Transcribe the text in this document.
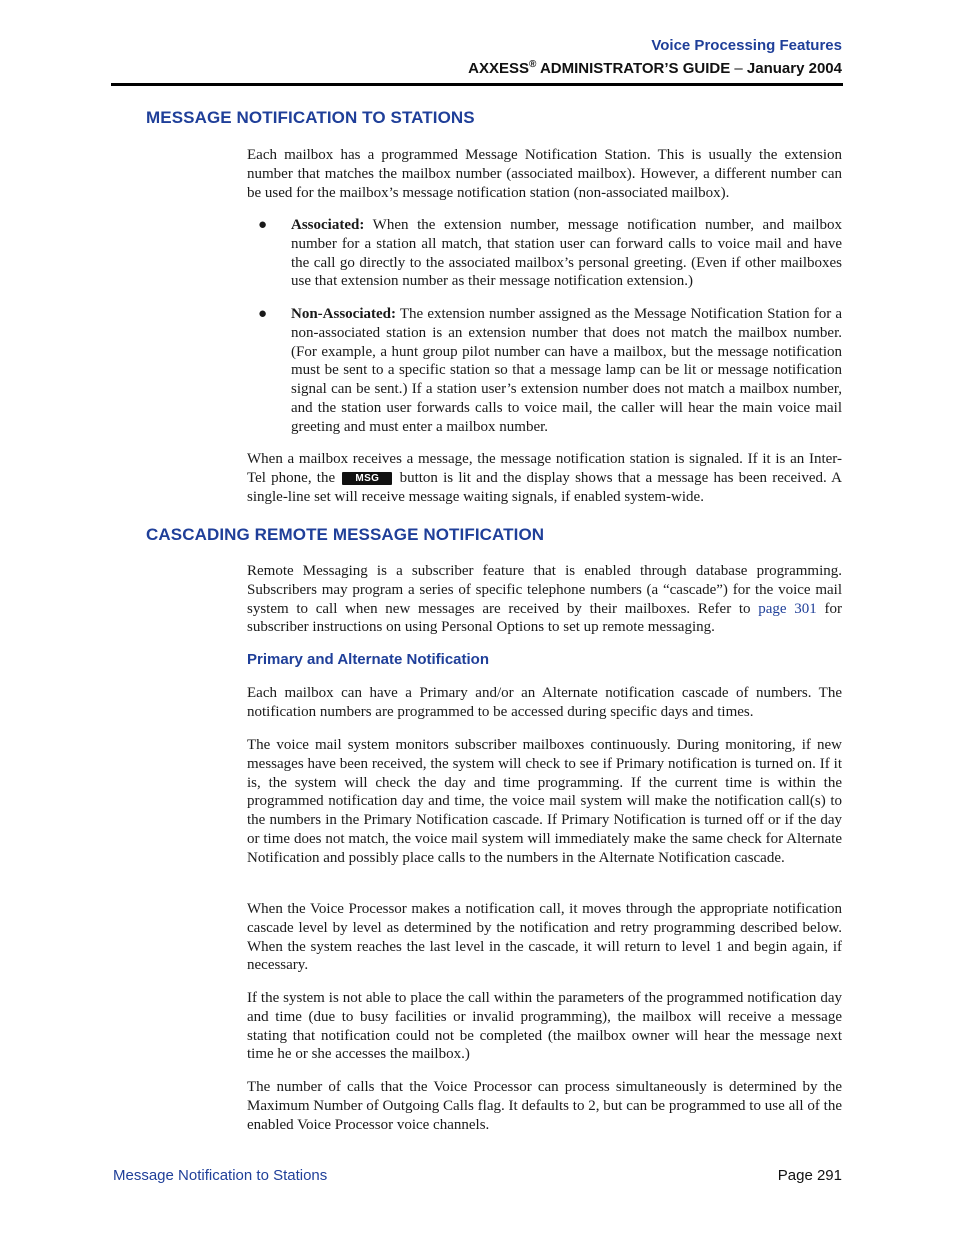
Voice Processing Features
AXXESS® ADMINISTRATOR’S GUIDE – January 2004
MESSAGE NOTIFICATION TO STATIONS

Each mailbox has a programmed Message Notification Station. This is usually the extension number that matches the mailbox number (associated mailbox). However, a different number can be used for the mailbox’s message notification station (non-associated mailbox).

● Associated: When the extension number, message notification number, and mailbox number for a station all match, that station user can forward calls to voice mail and have the call go directly to the associated mailbox’s personal greeting. (Even if other mailboxes use that extension number as their message notification extension.)

● Non-Associated: The extension number assigned as the Message Notification Station for a non-associated station is an extension number that does not match the mailbox number. (For example, a hunt group pilot number can have a mailbox, but the message notification must be sent to a specific station so that a message lamp can be lit or message notification signal can be sent.) If a station user’s extension number does not match a mailbox number, and the station user forwards calls to voice mail, the caller will hear the main voice mail greeting and must enter a mailbox number.

When a mailbox receives a message, the message notification station is signaled. If it is an Inter-Tel phone, the MSG button is lit and the display shows that a message has been received. A single-line set will receive message waiting signals, if enabled system-wide.

CASCADING REMOTE MESSAGE NOTIFICATION

Remote Messaging is a subscriber feature that is enabled through database programming. Subscribers may program a series of specific telephone numbers (a “cascade”) for the voice mail system to call when new messages are received by their mailboxes. Refer to page 301 for subscriber instructions on using Personal Options to set up remote messaging.

Primary and Alternate Notification

Each mailbox can have a Primary and/or an Alternate notification cascade of numbers. The notification numbers are programmed to be accessed during specific days and times.

The voice mail system monitors subscriber mailboxes continuously. During monitoring, if new messages have been received, the system will check to see if Primary notification is turned on. If it is, the system will check the day and time programming. If the current time is within the programmed notification day and time, the voice mail system will make the notification call(s) to the numbers in the Primary Notification cascade. If Primary Notification is turned off or if the day or time does not match, the voice mail system will immediately make the same check for Alternate Notification and possibly place calls to the numbers in the Alternate Notification cascade.

When the Voice Processor makes a notification call, it moves through the appropriate notification cascade level by level as determined by the notification and retry programming described below. When the system reaches the last level in the cascade, it will return to level 1 and begin again, if necessary.

If the system is not able to place the call within the parameters of the programmed notification day and time (due to busy facilities or invalid programming), the mailbox will receive a message stating that notification could not be completed (the mailbox owner will hear the message next time he or she accesses the mailbox.)

The number of calls that the Voice Processor can process simultaneously is determined by the Maximum Number of Outgoing Calls flag. It defaults to 2, but can be programmed to use all of the enabled Voice Processor voice channels.

Message Notification to Stations	Page 291
